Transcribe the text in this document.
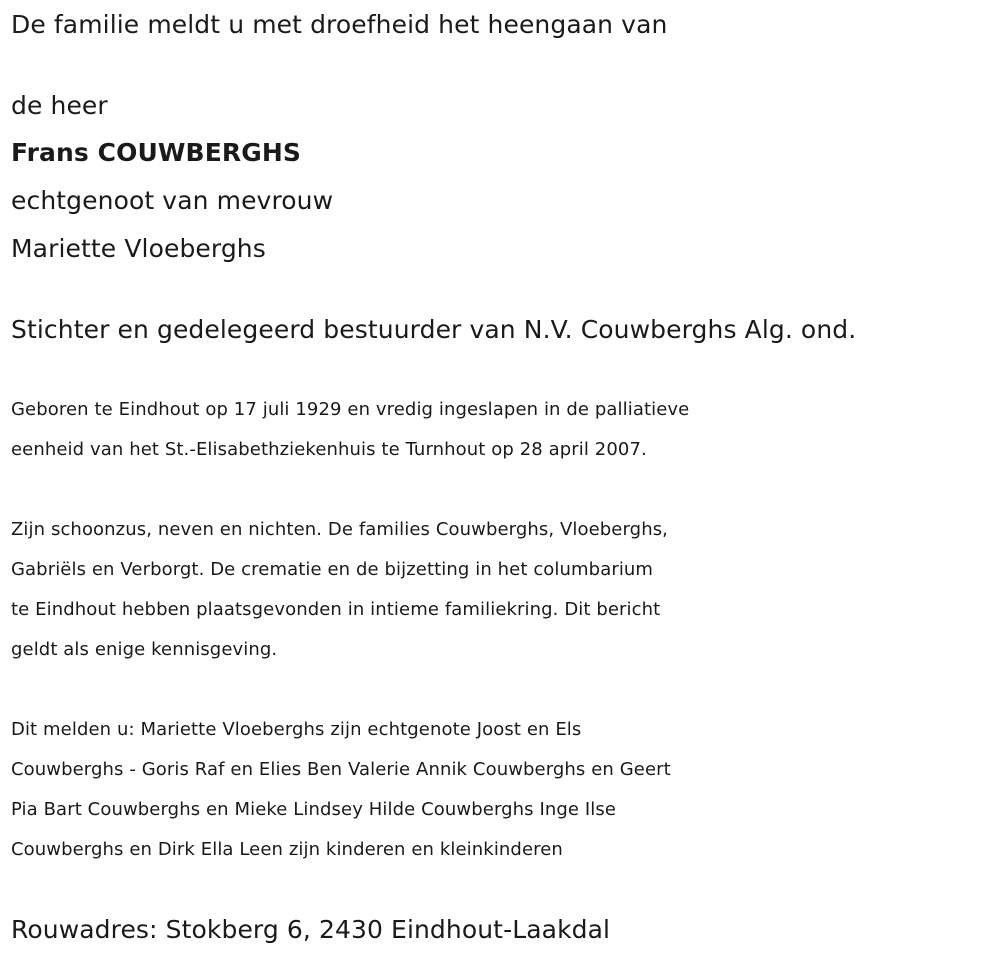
De familie meldt u met droefheid het heengaan van
de heer
Frans COUWBERGHS
echtgenoot van mevrouw
Mariette Vloeberghs
Stichter en gedelegeerd bestuurder van N.V. Couwberghs Alg. ond.
Geboren te Eindhout op 17 juli 1929 en vredig ingeslapen in de palliatieve
eenheid van het St.-Elisabethziekenhuis te Turnhout op 28 april 2007.
Zijn schoonzus, neven en nichten. De families Couwberghs, Vloeberghs,
Gabriëls en Verborgt. De crematie en de bijzetting in het columbarium
te Eindhout hebben plaatsgevonden in intieme familiekring. Dit bericht
geldt als enige kennisgeving.
Dit melden u: Mariette Vloeberghs zijn echtgenote Joost en Els
Couwberghs - Goris Raf en Elies Ben Valerie Annik Couwberghs en Geert
Pia Bart Couwberghs en Mieke Lindsey Hilde Couwberghs Inge Ilse
Couwberghs en Dirk Ella Leen zijn kinderen en kleinkinderen
Rouwadres: Stokberg 6, 2430 Eindhout-Laakdal
